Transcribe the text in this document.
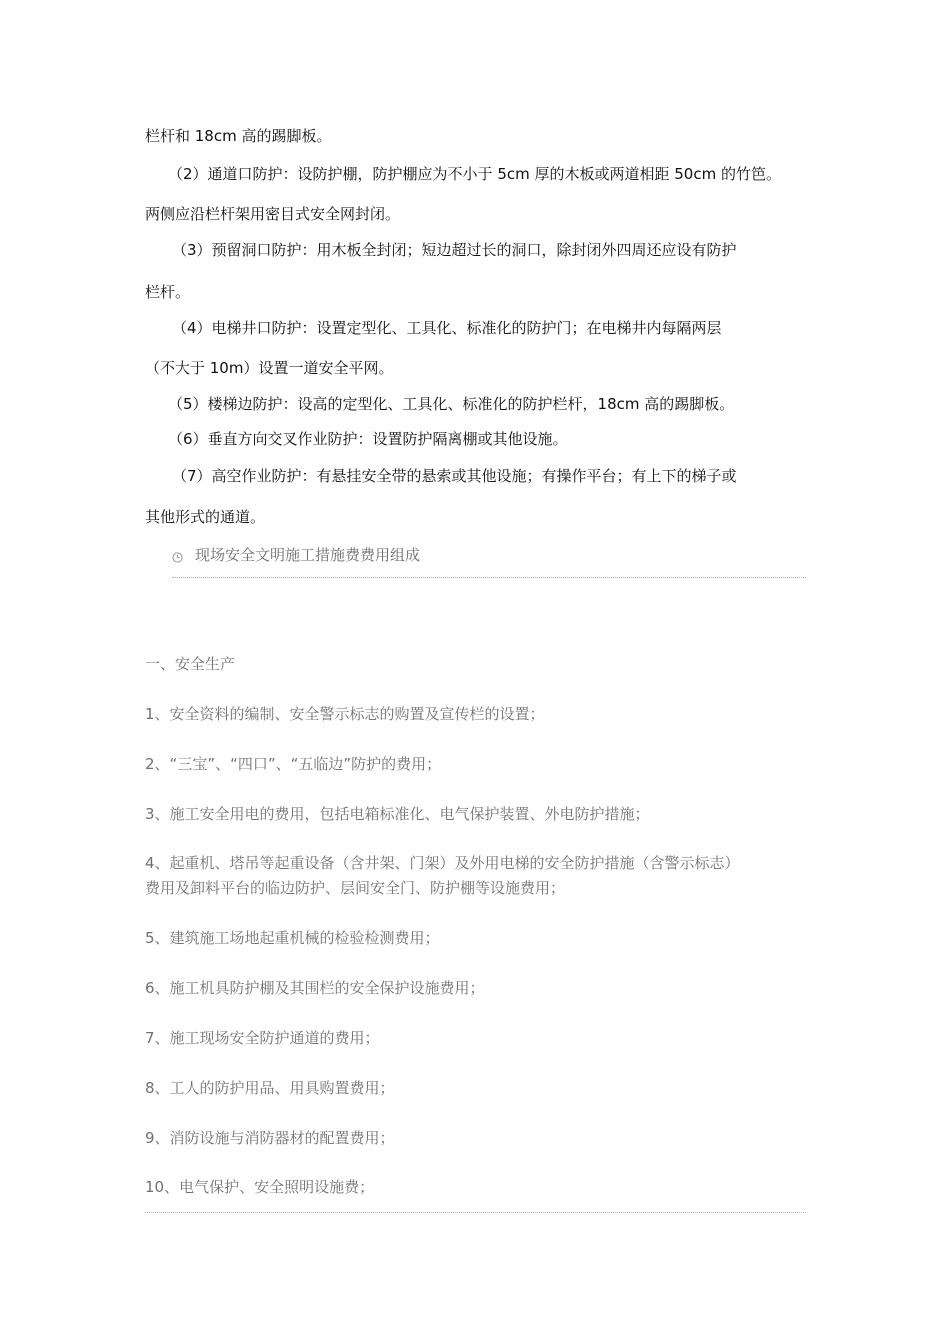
栏杆和 18cm 高的踢脚板。
（2）通道口防护：设防护棚，防护棚应为不小于 5cm 厚的木板或两道相距 50cm 的竹笆。
两侧应沿栏杆架用密目式安全网封闭。
（3）预留洞口防护：用木板全封闭；短边超过长的洞口，除封闭外四周还应设有防护
栏杆。
（4）电梯井口防护：设置定型化、工具化、标准化的防护门；在电梯井内每隔两层
（不大于 10m）设置一道安全平网。
（5）楼梯边防护：设高的定型化、工具化、标准化的防护栏杆，18cm 高的踢脚板。
（6）垂直方向交叉作业防护：设置防护隔离棚或其他设施。
（7）高空作业防护：有悬挂安全带的悬索或其他设施；有操作平台；有上下的梯子或
其他形式的通道。
现场安全文明施工措施费费用组成
一、安全生产
1、安全资料的编制、安全警示标志的购置及宣传栏的设置；
2、“三宝”、“四口”、“五临边”防护的费用；
3、施工安全用电的费用，包括电箱标准化、电气保护装置、外电防护措施；
4、起重机、塔吊等起重设备（含井架、门架）及外用电梯的安全防护措施（含警示标志）
费用及卸料平台的临边防护、层间安全门、防护棚等设施费用；
5、建筑施工场地起重机械的检验检测费用；
6、施工机具防护棚及其围栏的安全保护设施费用；
7、施工现场安全防护通道的费用；
8、工人的防护用品、用具购置费用；
9、消防设施与消防器材的配置费用；
10、电气保护、安全照明设施费；
